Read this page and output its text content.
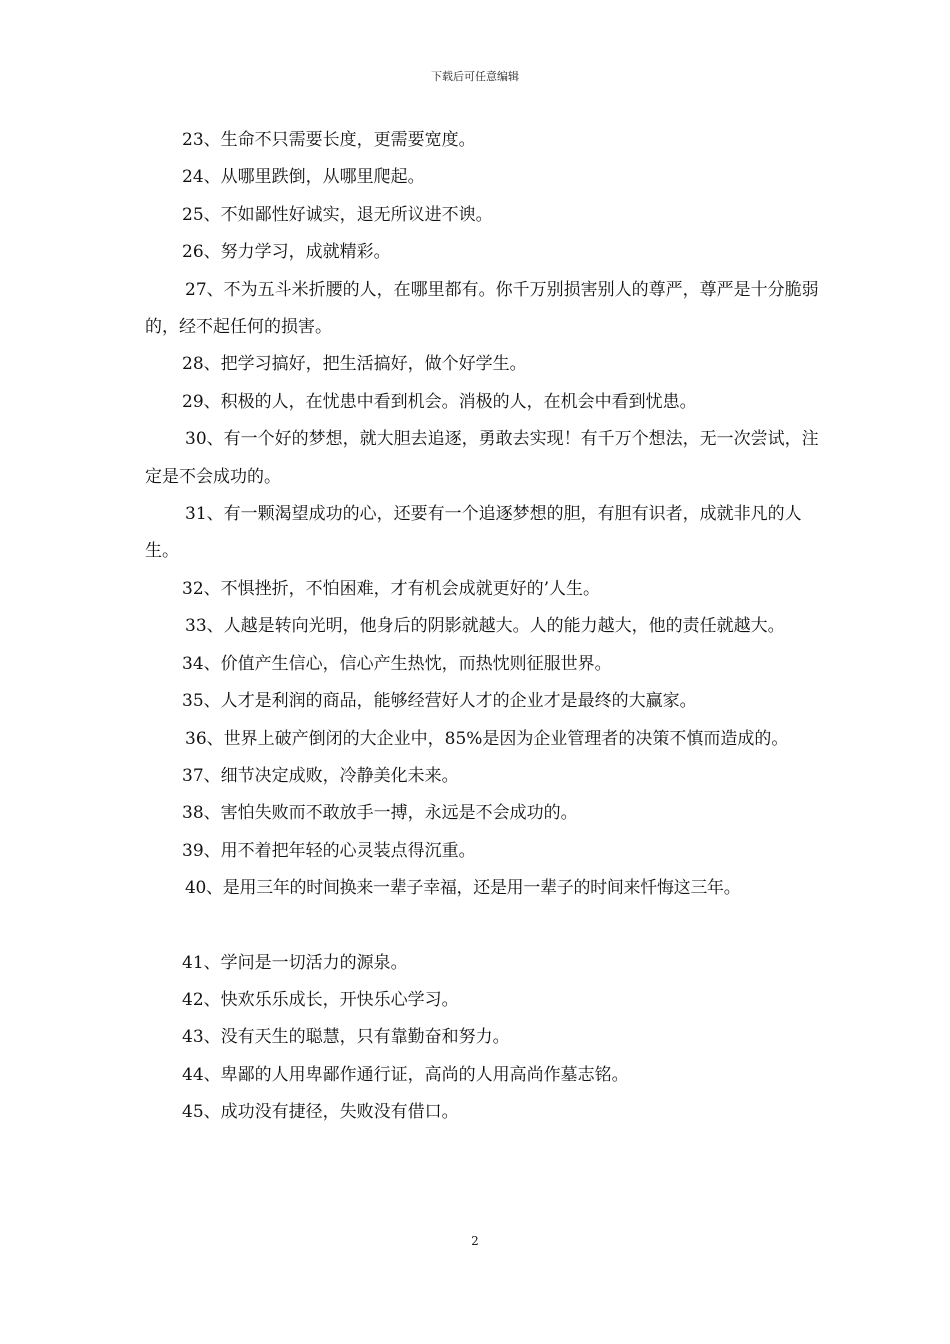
下载后可任意编辑

23、生命不只需要长度，更需要宽度。

24、从哪里跌倒，从哪里爬起。

25、不如鄙性好诚实，退无所议进不谀。

26、努力学习，成就精彩。

27、不为五斗米折腰的人，在哪里都有。你千万别损害别人的尊严，尊严是十分脆弱的，经不起任何的损害。

28、把学习搞好，把生活搞好，做个好学生。

29、积极的人，在忧患中看到机会。消极的人，在机会中看到忧患。

30、有一个好的梦想，就大胆去追逐，勇敢去实现！有千万个想法，无一次尝试，注定是不会成功的。

31、有一颗渴望成功的心，还要有一个追逐梦想的胆，有胆有识者，成就非凡的人生。

32、不惧挫折，不怕困难，才有机会成就更好的’人生。

33、人越是转向光明，他身后的阴影就越大。人的能力越大，他的责任就越大。

34、价值产生信心，信心产生热忱，而热忱则征服世界。

35、人才是利润的商品，能够经营好人才的企业才是最终的大赢家。

36、世界上破产倒闭的大企业中，85%是因为企业管理者的决策不慎而造成的。

37、细节决定成败，冷静美化未来。

38、害怕失败而不敢放手一搏，永远是不会成功的。

39、用不着把年轻的心灵装点得沉重。

40、是用三年的时间换来一辈子幸福，还是用一辈子的时间来忏悔这三年。

41、学问是一切活力的源泉。

42、快欢乐乐成长，开快乐心学习。

43、没有天生的聪慧，只有靠勤奋和努力。

44、卑鄙的人用卑鄙作通行证，高尚的人用高尚作墓志铭。

45、成功没有捷径，失败没有借口。

2
